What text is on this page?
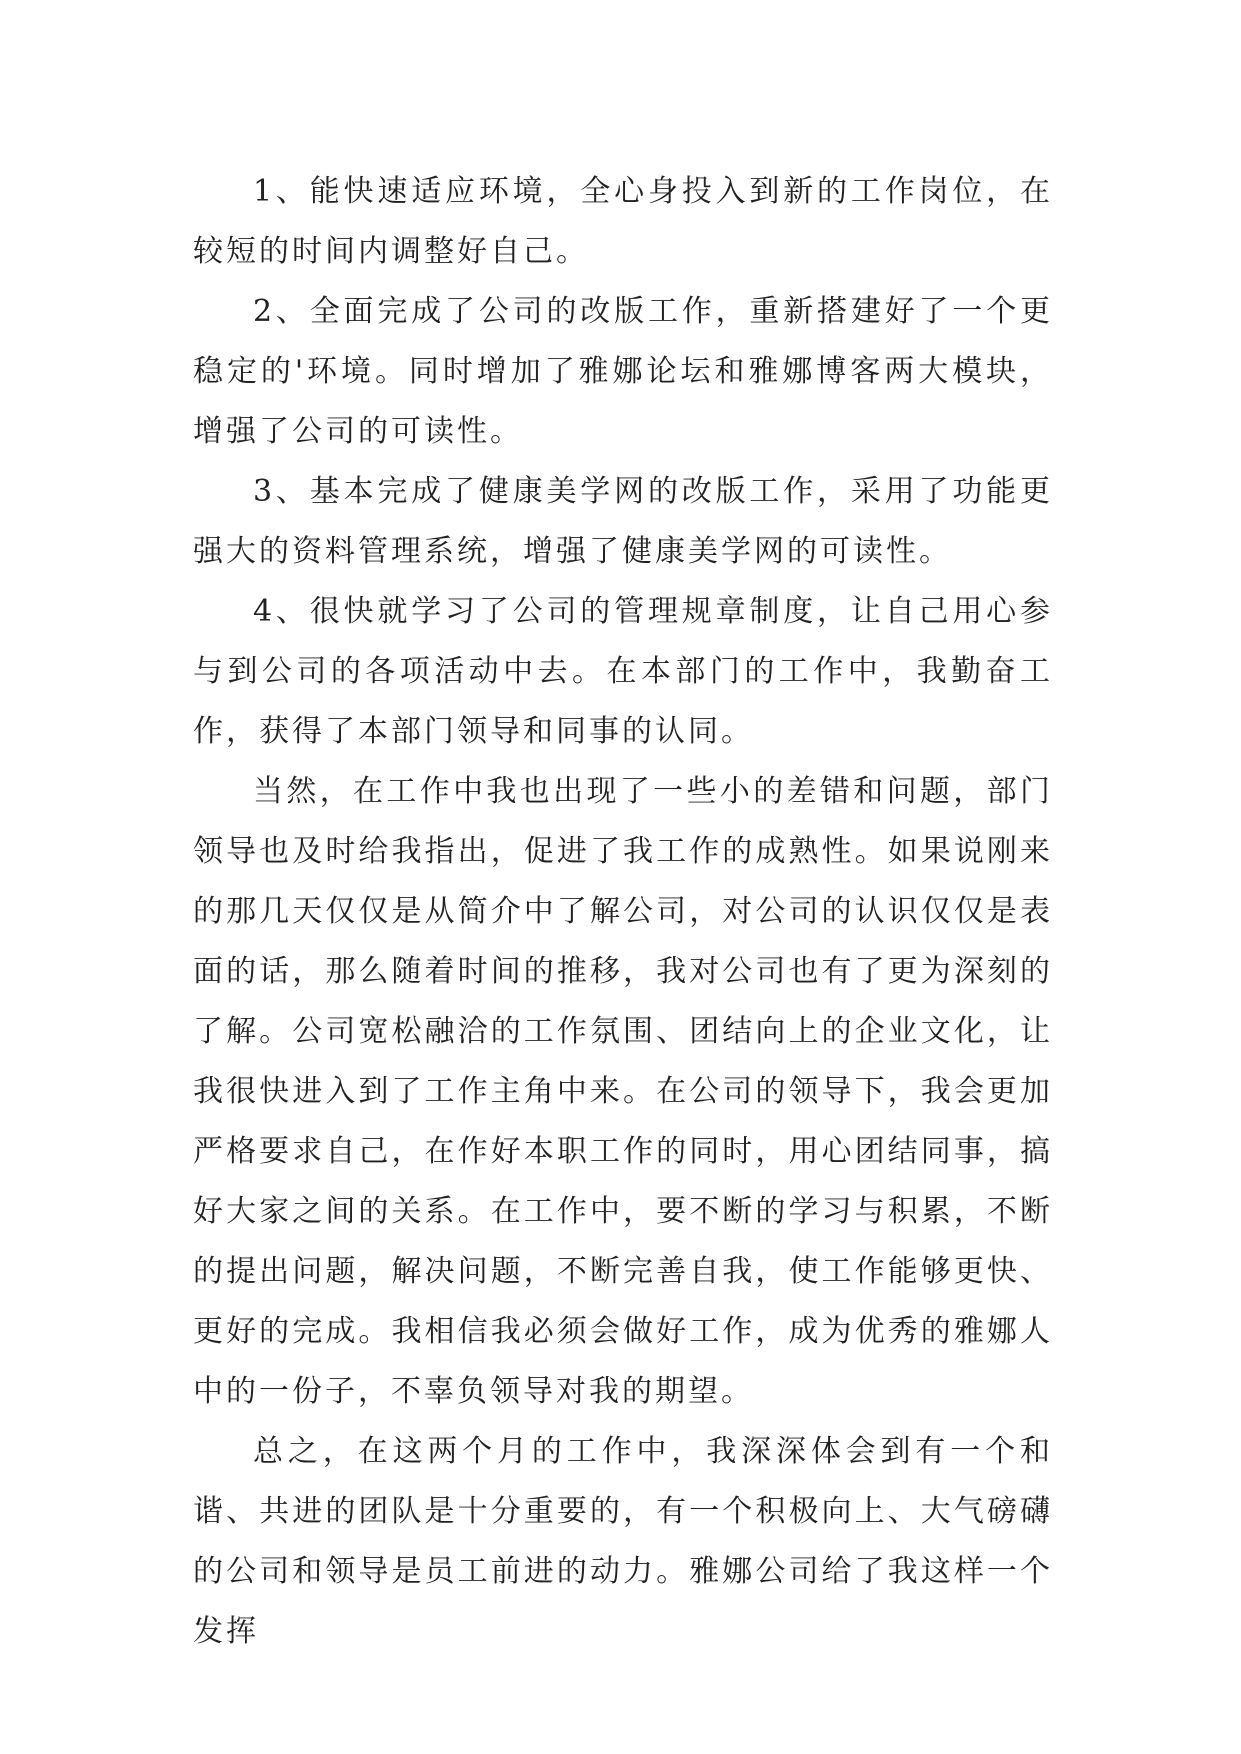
1、能快速适应环境，全心身投入到新的工作岗位，在较短的时间内调整好自己。

2、全面完成了公司的改版工作，重新搭建好了一个更稳定的'环境。同时增加了雅娜论坛和雅娜博客两大模块，增强了公司的可读性。

3、基本完成了健康美学网的改版工作，采用了功能更强大的资料管理系统，增强了健康美学网的可读性。

4、很快就学习了公司的管理规章制度，让自己用心参与到公司的各项活动中去。在本部门的工作中，我勤奋工作，获得了本部门领导和同事的认同。

当然，在工作中我也出现了一些小的差错和问题，部门领导也及时给我指出，促进了我工作的成熟性。如果说刚来的那几天仅仅是从简介中了解公司，对公司的认识仅仅是表面的话，那么随着时间的推移，我对公司也有了更为深刻的了解。公司宽松融洽的工作氛围、团结向上的企业文化，让我很快进入到了工作主角中来。在公司的领导下，我会更加严格要求自己，在作好本职工作的同时，用心团结同事，搞好大家之间的关系。在工作中，要不断的学习与积累，不断的提出问题，解决问题，不断完善自我，使工作能够更快、更好的完成。我相信我必须会做好工作，成为优秀的雅娜人中的一份子，不辜负领导对我的期望。

总之，在这两个月的工作中，我深深体会到有一个和谐、共进的团队是十分重要的，有一个积极向上、大气磅礴的公司和领导是员工前进的动力。雅娜公司给了我这样一个发挥
